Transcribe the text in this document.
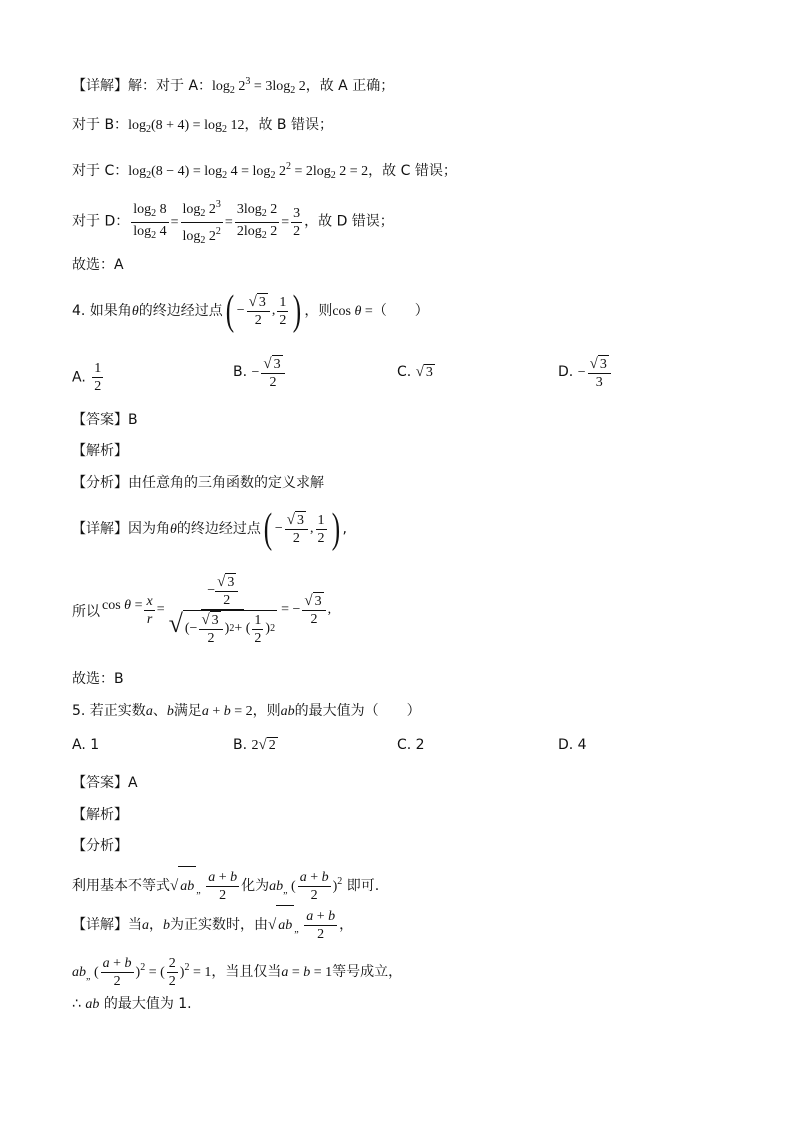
【详解】解：对于 A：$\log_2 2^3 = 3\log_2$ 2，故 A 正确；
对于 B：$\log_2(8 + 4) = \log_2 12$，故 B 错误；
对于 C：$\log_2(8 - 4) = \log_2 4 = \log_2 2^2 = 2\log_2$ 2 = 2，故 C 错误；
对于 D： $\frac{\log_2 8}{\log_2 4} = \frac{\log_2 2^3}{\log_2 2^2} = \frac{3\log_2 2}{2\log_2 2} = \frac{3}{2}$ ，故 D 错误；
故选：A
4. 如果角θ的终边经过点 ( − $\frac{√ 3}{2}$ , $\frac{1}{2}$ ) ，则cos θ =（　　）
A. $\frac{1}{2}$	B. − $\frac{√ 3}{2}$	C. √ 3	D. − $\frac{√ 3}{3}$
【答案】B
【解析】
【分析】由任意角的三角函数的定义求解
【详解】因为角θ的终边经过点 ( − $\frac{√ 3}{2}$ , $\frac{1}{2}$ ) ,
所以 $\cos \theta = \frac{x}{r} = \frac{- \frac{√ 3}{2}}{√ (- \frac{√ 3}{2} ) 2 + ( \frac{1}{2} ) 2}$ = − $\frac{√ 3}{2}$ ,
故选：B
5. 若正实数a、b满足a + b = 2，则ab的最大值为（　　）
A. 1	B. 2√ 2	C. 2	D. 4
【答案】A
【解析】
【分析】
利用基本不等式√ ab $_„ \frac{a + b}{2}$ 化为$ab_„$ ( $\frac{a + b}{2} )^2$ 即可.
【详解】当a，b为正实数时，由√ ab $_„ \frac{a + b}{2}$ ，
$ab_„$ ( $\frac{a + b}{2} )^2$ = ( $\frac{2}{2} )^2 = 1$，当且仅当a = b = 1等号成立，
∴ ab 的最大值为 1.
